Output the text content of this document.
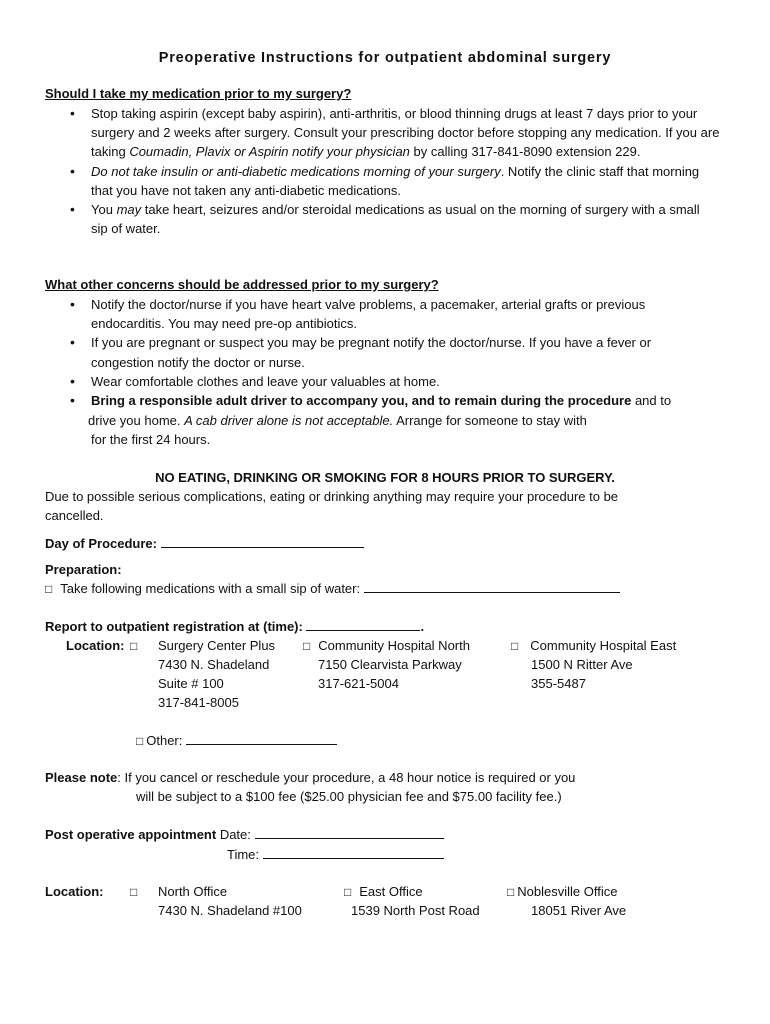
Preoperative Instructions for outpatient abdominal surgery
Should I take my medication prior to my surgery?
• Stop taking aspirin (except baby aspirin), anti-arthritis, or blood thinning drugs at least 7 days prior to your surgery and 2 weeks after surgery. Consult your prescribing doctor before stopping any medication. If you are taking Coumadin, Plavix or Aspirin notify your physician by calling 317-841-8090 extension 229.
• Do not take insulin or anti-diabetic medications morning of your surgery. Notify the clinic staff that morning that you have not taken any anti-diabetic medications.
• You may take heart, seizures and/or steroidal medications as usual on the morning of surgery with a small sip of water.
What other concerns should be addressed prior to my surgery?
• Notify the doctor/nurse if you have heart valve problems, a pacemaker, arterial grafts or previous endocarditis. You may need pre-op antibiotics.
• If you are pregnant or suspect you may be pregnant notify the doctor/nurse. If you have a fever or congestion notify the doctor or nurse.
• Wear comfortable clothes and leave your valuables at home.
• Bring a responsible adult driver to accompany you, and to remain during the procedure and to
drive you home. A cab driver alone is not acceptable. Arrange for someone to stay with
for the first 24 hours.
NO EATING, DRINKING OR SMOKING FOR 8 HOURS PRIOR TO SURGERY.
Due to possible serious complications, eating or drinking anything may require your procedure to be
cancelled.
Day of Procedure:
Preparation:
□ Take following medications with a small sip of water:
Report to outpatient registration at (time):	.
Location: □	Surgery Center Plus
7430 N. Shadeland
Suite # 100
317-841-8005
□ Community Hospital North
7150 Clearvista Parkway
317-621-5004
□ Community Hospital East
1500 N Ritter Ave
355-5487
□ Other:
Please note: If you cancel or reschedule your procedure, a 48 hour notice is required or you
will be subject to a $100 fee ($25.00 physician fee and $75.00 facility fee.)
Post operative appointment Date:
Time:
Location: □	North Office
7430 N. Shadeland #100
□ East Office
1539 North Post Road
□ Noblesville Office
18051 River Ave
